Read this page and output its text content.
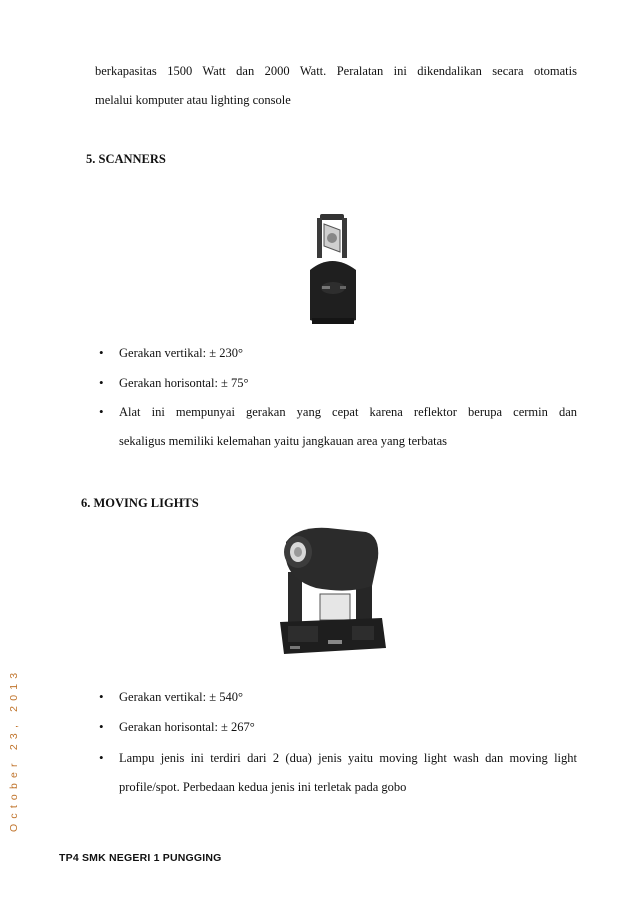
berkapasitas 1500 Watt dan 2000 Watt. Peralatan ini dikendalikan secara otomatis
melalui komputer atau lighting console
5. SCANNERS
• Gerakan vertikal: ± 230°
• Gerakan horisontal: ± 75°
• Alat ini mempunyai gerakan yang cepat karena reflektor berupa cermin dan
sekaligus memiliki kelemahan yaitu jangkauan area yang terbatas
6. MOVING LIGHTS
• Gerakan vertikal: ± 540°
• Gerakan horisontal: ± 267°
• Lampu jenis ini terdiri dari 2 (dua) jenis yaitu moving light wash dan moving light
profile/spot. Perbedaan kedua jenis ini terletak pada gobo
October 23, 2013
TP4 SMK NEGERI 1 PUNGGING
